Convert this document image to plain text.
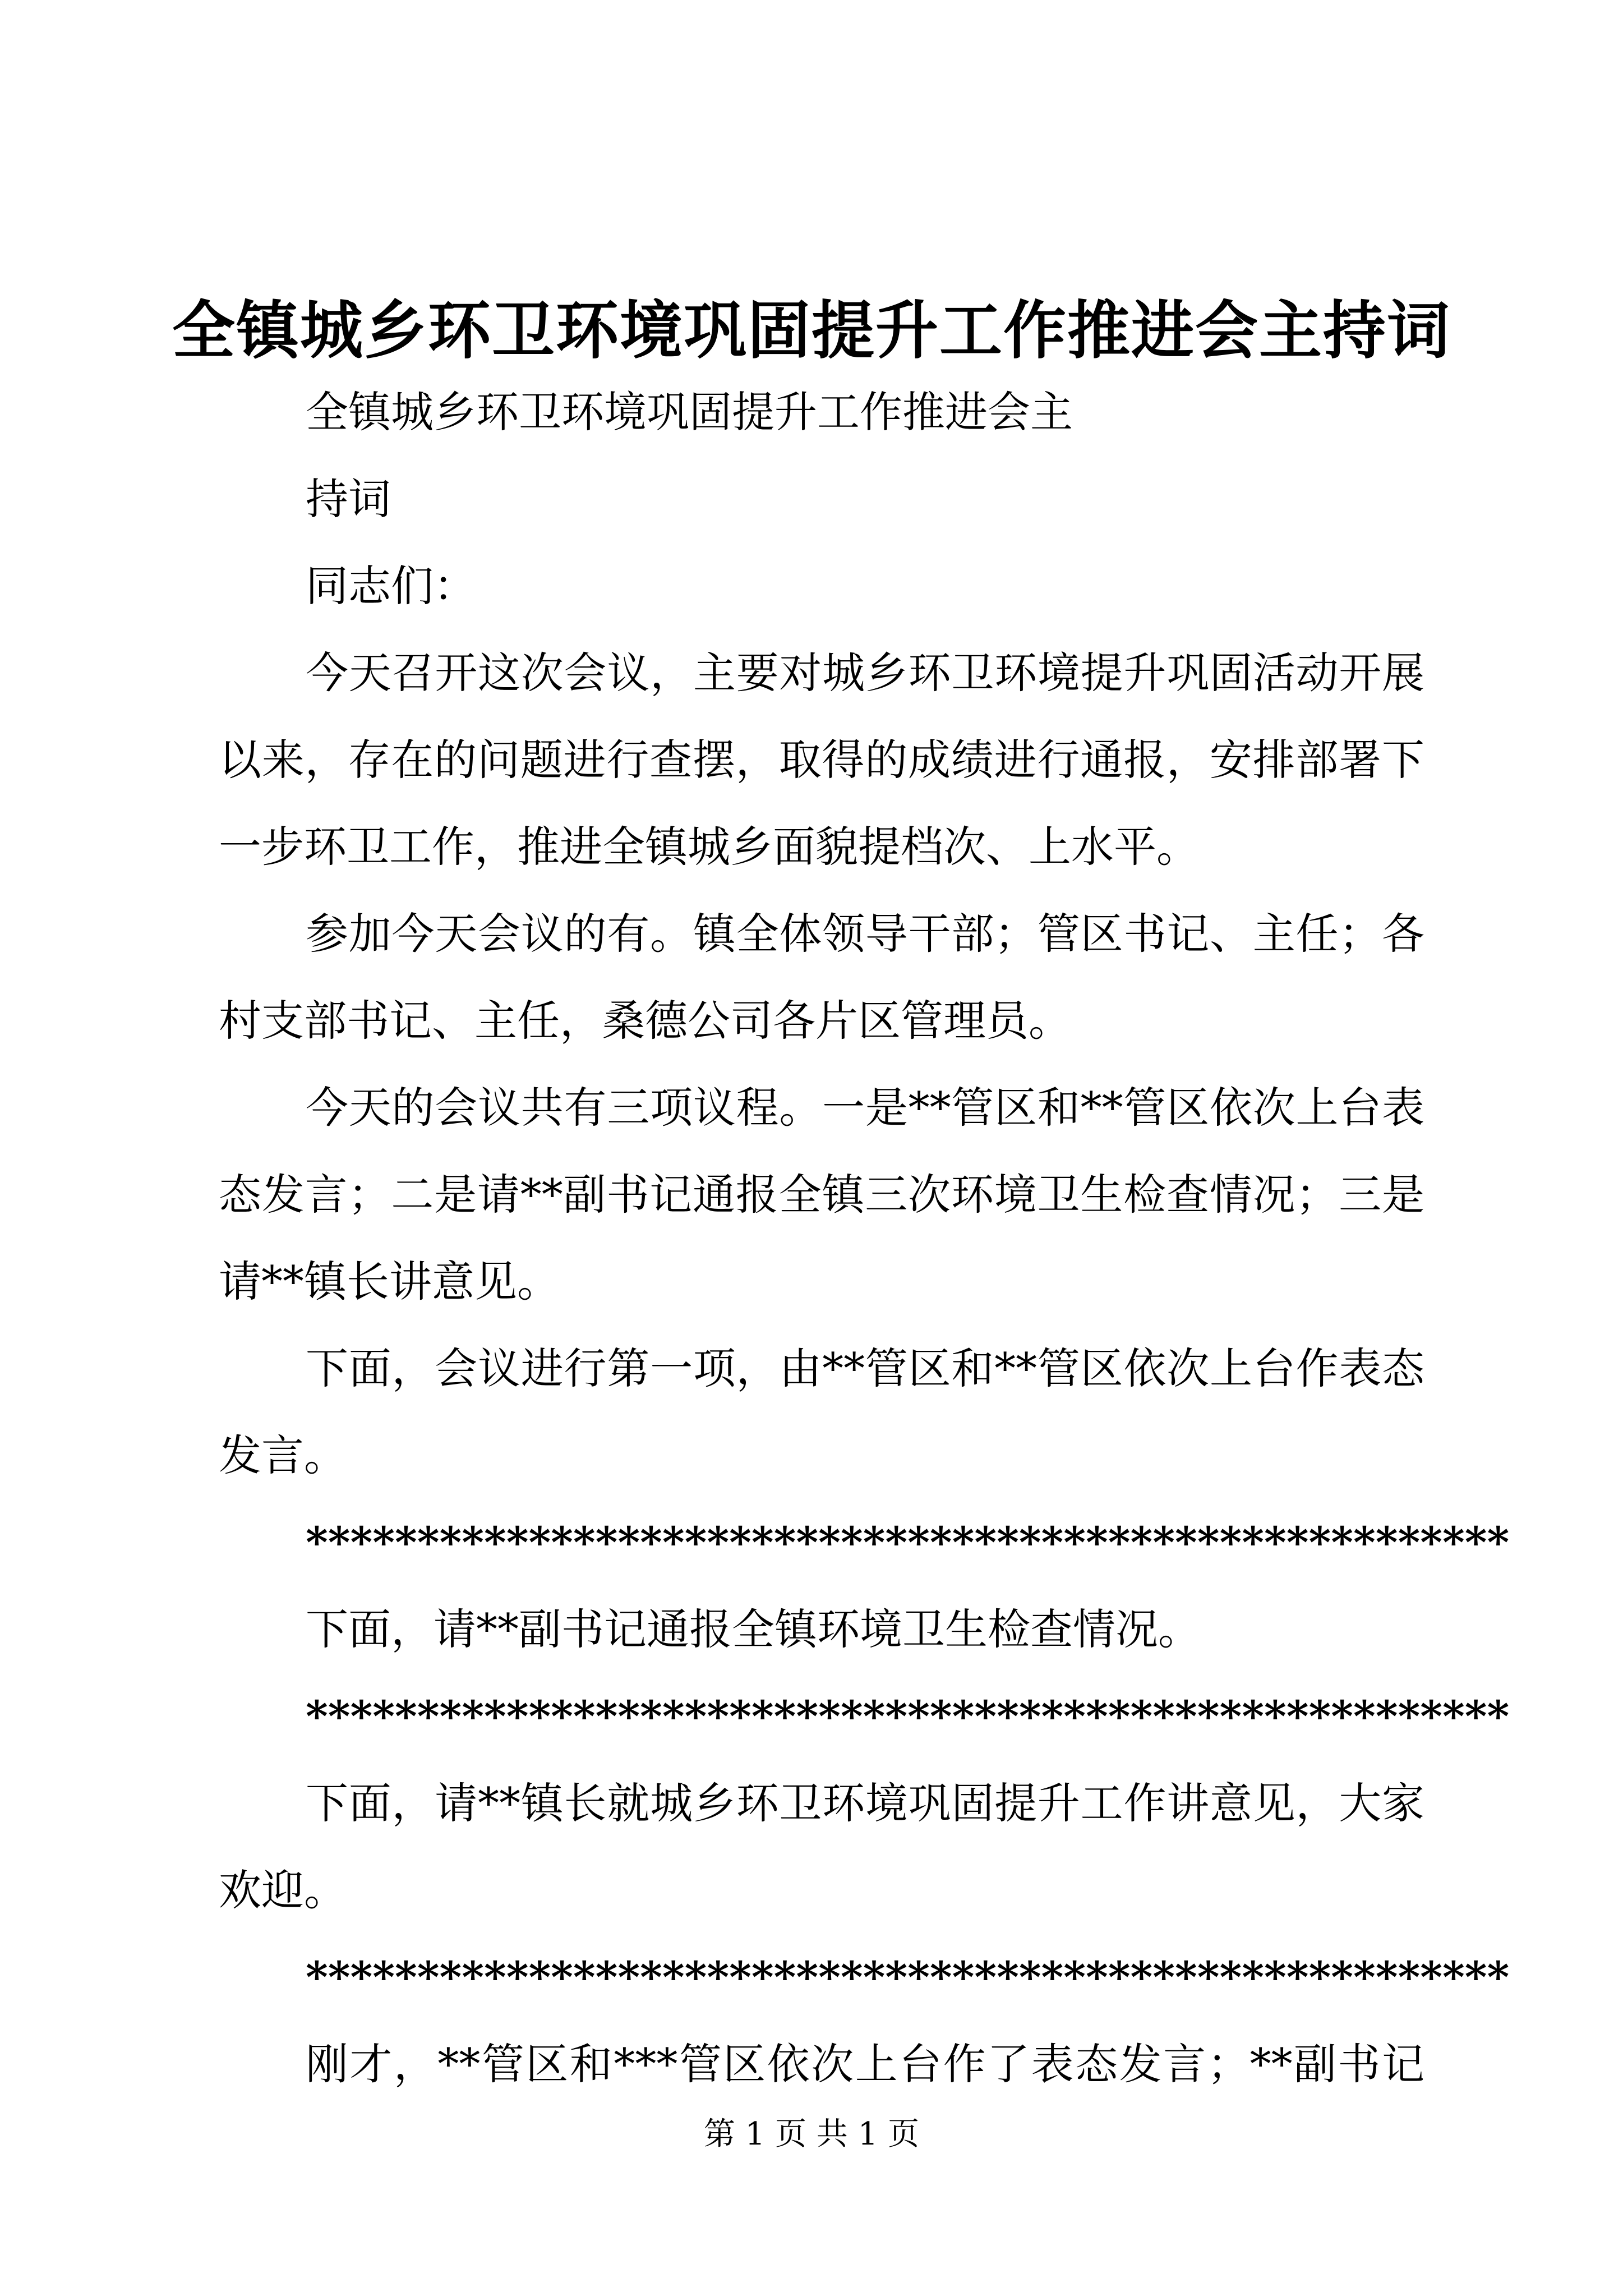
全镇城乡环卫环境巩固提升工作推进会主持词
全镇城乡环卫环境巩固提升工作推进会主
持词
同志们：
今天召开这次会议，主要对城乡环卫环境提升巩固活动开展
以来，存在的问题进行查摆，取得的成绩进行通报，安排部署下
一步环卫工作，推进全镇城乡面貌提档次、上水平。
参加今天会议的有。镇全体领导干部；管区书记、主任；各
村支部书记、主任，桑德公司各片区管理员。
今天的会议共有三项议程。一是**管区和**管区依次上台表
态发言；二是请**副书记通报全镇三次环境卫生检查情况；三是
请**镇长讲意见。
下面，会议进行第一项，由**管区和**管区依次上台作表态
发言。
******************************************************
下面，请**副书记通报全镇环境卫生检查情况。
******************************************************
下面，请**镇长就城乡环卫环境巩固提升工作讲意见，大家
欢迎。
******************************************************
刚才，**管区和***管区依次上台作了表态发言；**副书记
第 1 页 共 1 页
